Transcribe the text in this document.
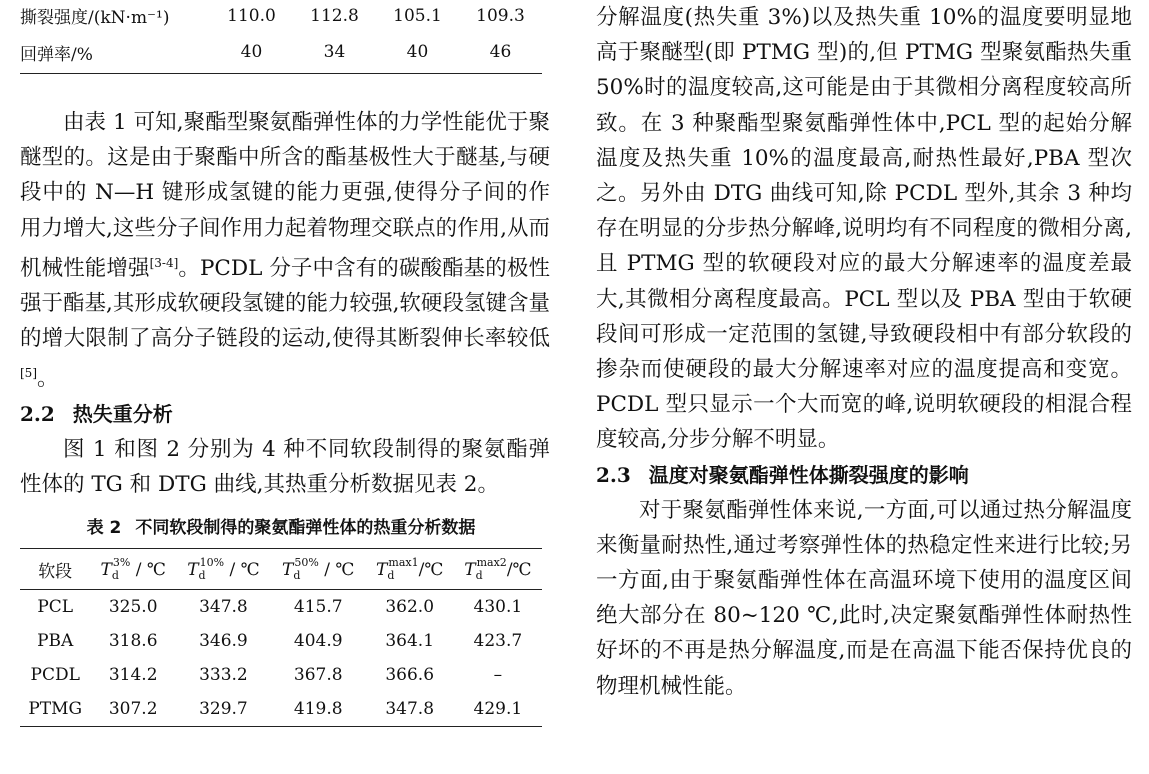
撕裂强度/(kN·m⁻¹)	110.0	112.8	105.1	109.3
回弹率/%	40	34	40	46

由表 1 可知,聚酯型聚氨酯弹性体的力学性能优于聚醚型的。这是由于聚酯中所含的酯基极性大于醚基,与硬段中的 N—H 键形成氢键的能力更强,使得分子间的作用力增大,这些分子间作用力起着物理交联点的作用,从而机械性能增强[3-4]。PCDL 分子中含有的碳酸酯基的极性强于酯基,其形成软硬段氢键的能力较强,软硬段氢键含量的增大限制了高分子链段的运动,使得其断裂伸长率较低[5]。

2.2 热失重分析

图 1 和图 2 分别为 4 种不同软段制得的聚氨酯弹性体的 TG 和 DTG 曲线,其热重分析数据见表 2。

表 2 不同软段制得的聚氨酯弹性体的热重分析数据
软段	$T_d^{3\%}$ / ℃	$T_d^{10\%}$ / ℃	$T_d^{50\%}$ / ℃	$T_d^{max1}/℃$	$T_d^{max2}/℃$
PCL	325.0	347.8	415.7	362.0	430.1
PBA	318.6	346.9	404.9	364.1	423.7
PCDL	314.2	333.2	367.8	366.6	–
PTMG	307.2	329.7	419.8	347.8	429.1

分解温度(热失重 3%)以及热失重 10%的温度要明显地高于聚醚型(即 PTMG 型)的,但 PTMG 型聚氨酯热失重 50%时的温度较高,这可能是由于其微相分离程度较高所致。在 3 种聚酯型聚氨酯弹性体中,PCL 型的起始分解温度及热失重 10%的温度最高,耐热性最好,PBA 型次之。另外由 DTG 曲线可知,除 PCDL 型外,其余 3 种均存在明显的分步热分解峰,说明均有不同程度的微相分离,且 PTMG 型的软硬段对应的最大分解速率的温度差最大,其微相分离程度最高。PCL 型以及 PBA 型由于软硬段间可形成一定范围的氢键,导致硬段相中有部分软段的掺杂而使硬段的最大分解速率对应的温度提高和变宽。PCDL 型只显示一个大而宽的峰,说明软硬段的相混合程度较高,分步分解不明显。

2.3 温度对聚氨酯弹性体撕裂强度的影响

对于聚氨酯弹性体来说,一方面,可以通过热分解温度来衡量耐热性,通过考察弹性体的热稳定性来进行比较;另一方面,由于聚氨酯弹性体在高温环境下使用的温度区间绝大部分在 80~120 ℃,此时,决定聚氨酯弹性体耐热性好坏的不再是热分解温度,而是在高温下能否保持优良的物理机械性能。
